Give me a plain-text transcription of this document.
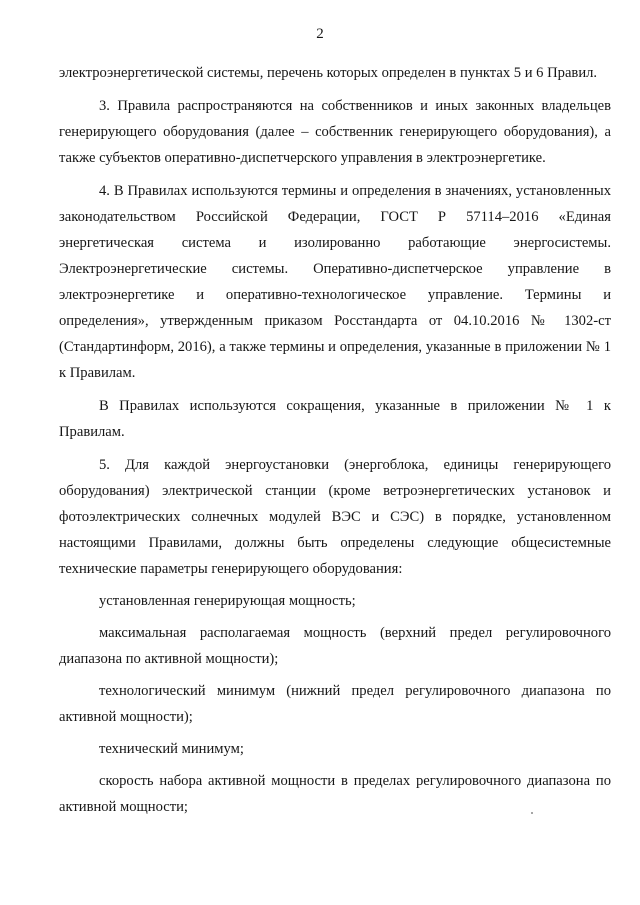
2

электроэнергетической системы, перечень которых определен в пунктах 5 и 6 Правил.

3. Правила распространяются на собственников и иных законных владельцев генерирующего оборудования (далее – собственник генерирующего оборудования), а также субъектов оперативно-диспетчерского управления в электроэнергетике.

4. В Правилах используются термины и определения в значениях, установленных законодательством Российской Федерации, ГОСТ Р 57114–2016 «Единая энергетическая система и изолированно работающие энергосистемы. Электроэнергетические системы. Оперативно-диспетчерское управление в электроэнергетике и оперативно-технологическое управление. Термины и определения», утвержденным приказом Росстандарта от 04.10.2016 № 1302-ст (Стандартинформ, 2016), а также термины и определения, указанные в приложении № 1 к Правилам.

В Правилах используются сокращения, указанные в приложении № 1 к Правилам.

5. Для каждой энергоустановки (энергоблока, единицы генерирующего оборудования) электрической станции (кроме ветроэнергетических установок и фотоэлектрических солнечных модулей ВЭС и СЭС) в порядке, установленном настоящими Правилами, должны быть определены следующие общесистемные технические параметры генерирующего оборудования:

установленная генерирующая мощность;

максимальная располагаемая мощность (верхний предел регулировочного диапазона по активной мощности);

технологический минимум (нижний предел регулировочного диапазона по активной мощности);

технический минимум;

скорость набора активной мощности в пределах регулировочного диапазона по активной мощности;
